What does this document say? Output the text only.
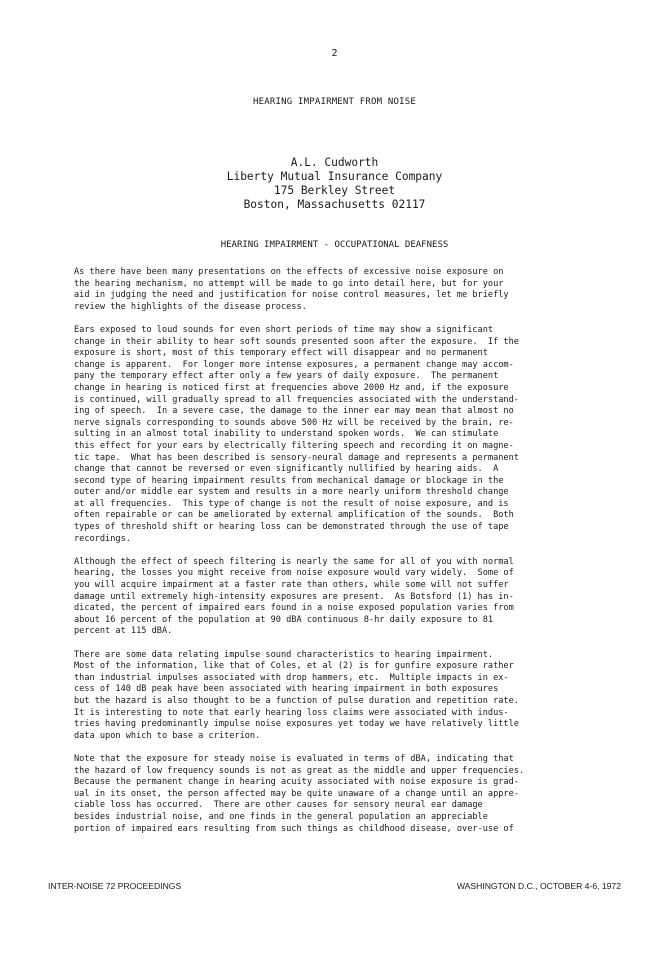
2
HEARING IMPAIRMENT FROM NOISE
A.L. Cudworth
Liberty Mutual Insurance Company
175 Berkley Street
Boston, Massachusetts 02117
HEARING IMPAIRMENT - OCCUPATIONAL DEAFNESS
As there have been many presentations on the effects of excessive noise exposure on
the hearing mechanism, no attempt will be made to go into detail here, but for your
aid in judging the need and justification for noise control measures, let me briefly
review the highlights of the disease process.
Ears exposed to loud sounds for even short periods of time may show a significant
change in their ability to hear soft sounds presented soon after the exposure.  If the
exposure is short, most of this temporary effect will disappear and no permanent
change is apparent.  For longer more intense exposures, a permanent change may accom-
pany the temporary effect after only a few years of daily exposure.  The permanent
change in hearing is noticed first at frequencies above 2000 Hz and, if the exposure
is continued, will gradually spread to all frequencies associated with the understand-
ing of speech.  In a severe case, the damage to the inner ear may mean that almost no
nerve signals corresponding to sounds above 500 Hz will be received by the brain, re-
sulting in an almost total inability to understand spoken words.  We can stimulate
this effect for your ears by electrically filtering speech and recording it on magne-
tic tape.  What has been described is sensory-neural damage and represents a permanent
change that cannot be reversed or even significantly nullified by hearing aids.  A
second type of hearing impairment results from mechanical damage or blockage in the
outer and/or middle ear system and results in a more nearly uniform threshold change
at all frequencies.  This type of change is not the result of noise exposure, and is
often repairable or can be ameliorated by external amplification of the sounds.  Both
types of threshold shift or hearing loss can be demonstrated through the use of tape
recordings.
Although the effect of speech filtering is nearly the same for all of you with normal
hearing, the losses you might receive from noise exposure would vary widely.  Some of
you will acquire impairment at a faster rate than others, while some will not suffer
damage until extremely high-intensity exposures are present.  As Botsford (1) has in-
dicated, the percent of impaired ears found in a noise exposed population varies from
about 16 percent of the population at 90 dBA continuous 8-hr daily exposure to 81
percent at 115 dBA.
There are some data relating impulse sound characteristics to hearing impairment.
Most of the information, like that of Coles, et al (2) is for gunfire exposure rather
than industrial impulses associated with drop hammers, etc.  Multiple impacts in ex-
cess of 140 dB peak have been associated with hearing impairment in both exposures
but the hazard is also thought to be a function of pulse duration and repetition rate.
It is interesting to note that early hearing loss claims were associated with indus-
tries having predominantly impulse noise exposures yet today we have relatively little
data upon which to base a criterion.
Note that the exposure for steady noise is evaluated in terms of dBA, indicating that
the hazard of low frequency sounds is not as great as the middle and upper frequencies.
Because the permanent change in hearing acuity associated with noise exposure is grad-
ual in its onset, the person affected may be quite unaware of a change until an appre-
ciable loss has occurred.  There are other causes for sensory neural ear damage
besides industrial noise, and one finds in the general population an appreciable
portion of impaired ears resulting from such things as childhood disease, over-use of
INTER-NOISE 72 PROCEEDINGS	WASHINGTON D.C., OCTOBER 4-6, 1972
